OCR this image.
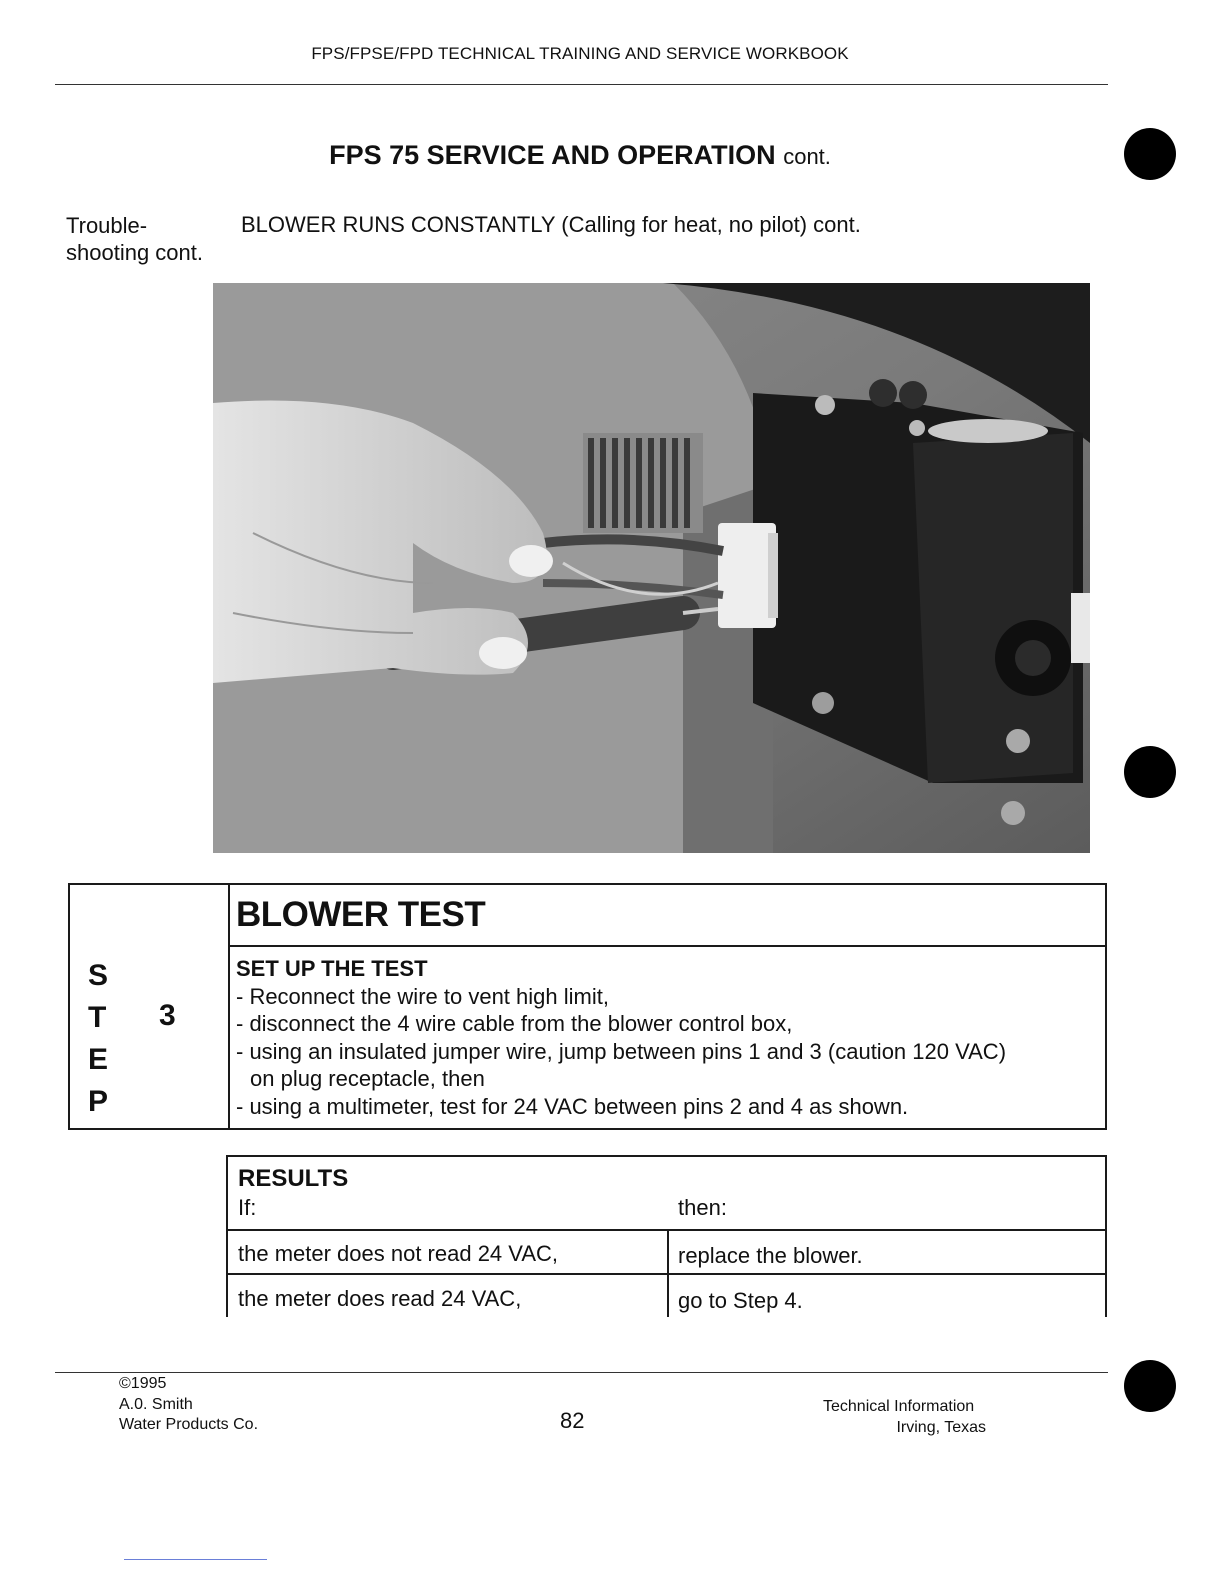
FPS/FPSE/FPD TECHNICAL TRAINING AND SERVICE WORKBOOK
FPS 75 SERVICE AND OPERATION cont.
Trouble-
shooting cont.
BLOWER RUNS CONSTANTLY (Calling for heat, no pilot) cont.
S
T
E
P
3
BLOWER TEST
SET UP THE TEST
- Reconnect the wire to vent high limit,
- disconnect the 4 wire cable from the blower control box,
- using an insulated jumper wire, jump between pins 1 and 3 (caution 120 VAC)
on plug receptacle, then
- using a multimeter, test for 24 VAC between pins 2 and 4 as shown.
RESULTS
If:	then:
the meter does not read 24 VAC,	replace the blower.
the meter does read 24 VAC,	go to Step 4.
©1995
A.0. Smith
Water Products Co.	82
Technical Information
Irving, Texas
